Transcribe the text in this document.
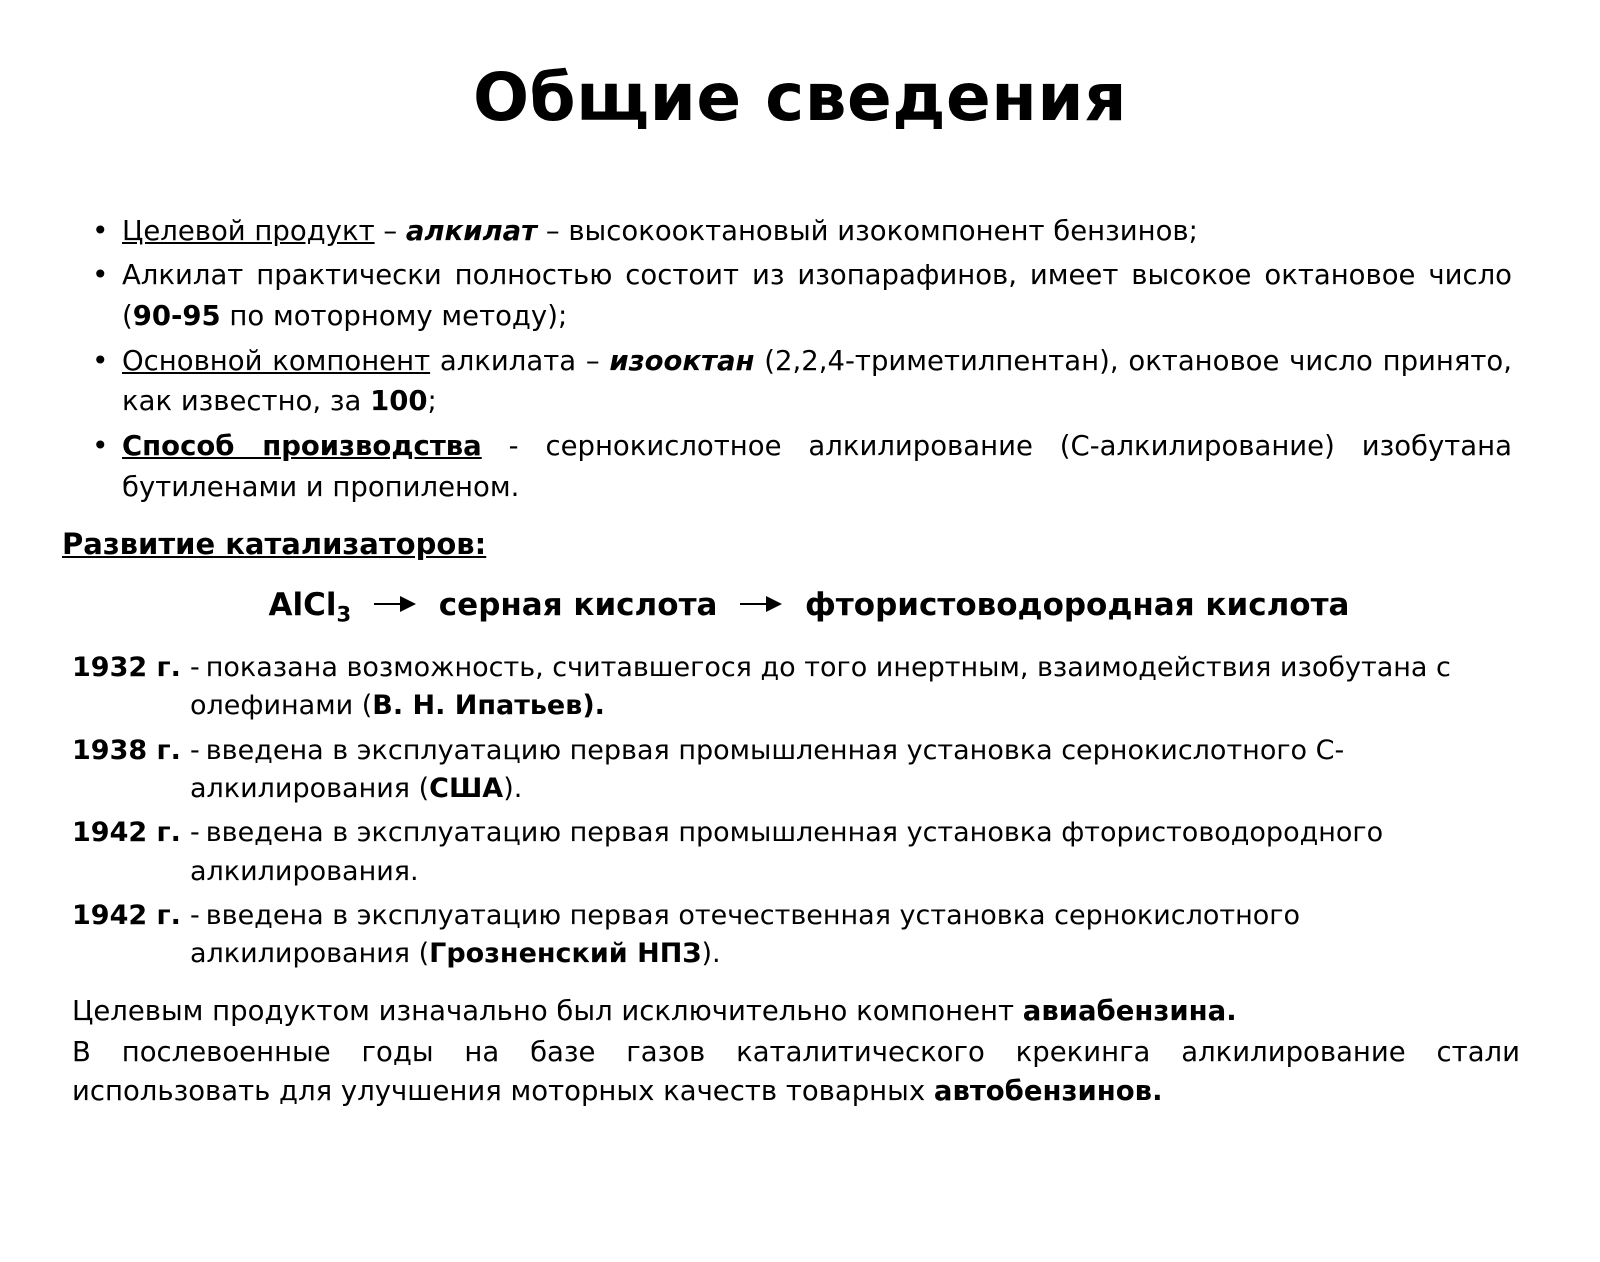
Общие сведения
• Целевой продукт – алкилат – высокооктановый изокомпонент бензинов;
• Алкилат практически полностью состоит из изопарафинов, имеет высокое октановое число (90-95 по моторному методу);
• Основной компонент алкилата – изооктан (2,2,4-триметилпентан), октановое число принято, как известно, за 100;
• Способ производства - сернокислотное алкилирование (С-алкилирование) изобутана бутиленами и пропиленом.
Развитие катализаторов:
AlCl$_3$	серная кислота	фтористоводородная кислота
1932 г. - показана возможность, считавшегося до того инертным, взаимодействия изобутана с олефинами (В. Н. Ипатьев).
1938 г. - введена в эксплуатацию первая промышленная установка сернокислотного С-алкилирования (США).
1942 г. - введена в эксплуатацию первая промышленная установка фтористоводородного алкилирования.
1942 г. - введена в эксплуатацию первая отечественная установка сернокислотного алкилирования (Грозненский НПЗ).

Целевым продуктом изначально был исключительно компонент авиабензина.

В послевоенные годы на базе газов каталитического крекинга алкилирование стали использовать для улучшения моторных качеств товарных автобензинов.
